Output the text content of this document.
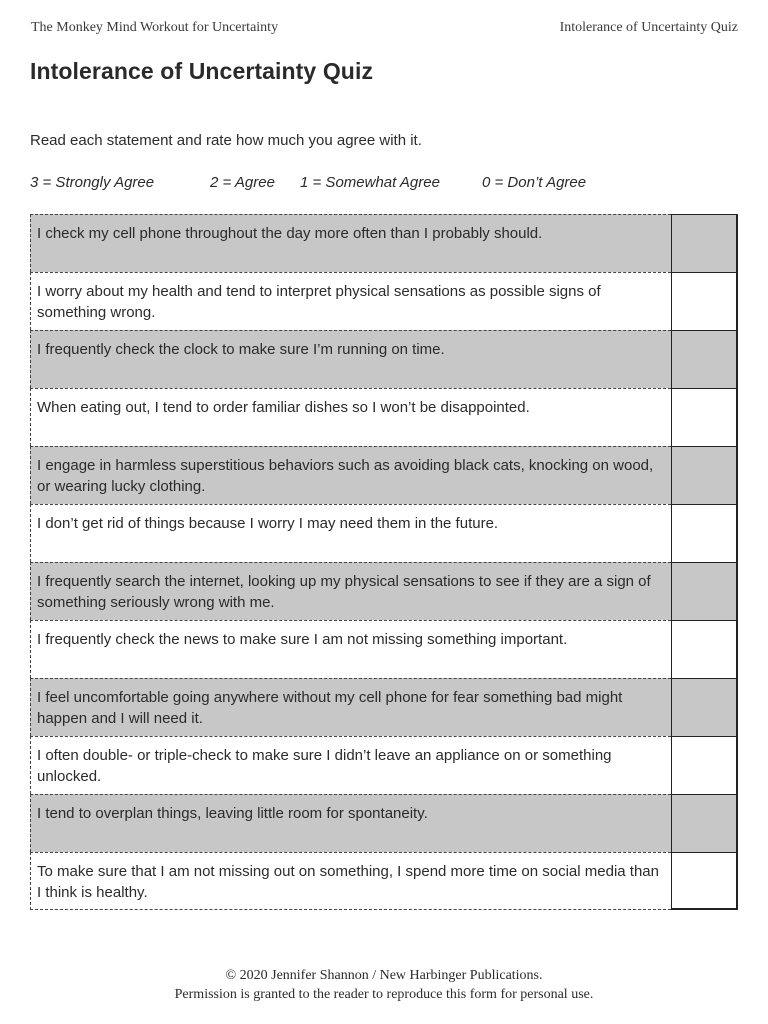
The Monkey Mind Workout for Uncertainty	Intolerance of Uncertainty Quiz
Intolerance of Uncertainty Quiz
Read each statement and rate how much you agree with it.
3 = Strongly Agree	2 = Agree 1 = Somewhat Agree	0 = Don’t Agree
I check my cell phone throughout the day more often than I probably should.
I worry about my health and tend to interpret physical sensations as possible signs of something wrong.
I frequently check the clock to make sure I’m running on time.
When eating out, I tend to order familiar dishes so I won’t be disappointed.
I engage in harmless superstitious behaviors such as avoiding black cats, knocking on wood, or wearing lucky clothing.
I don’t get rid of things because I worry I may need them in the future.
I frequently search the internet, looking up my physical sensations to see if they are a sign of something seriously wrong with me.
I frequently check the news to make sure I am not missing something important.
I feel uncomfortable going anywhere without my cell phone for fear something bad might happen and I will need it.
I often double- or triple-check to make sure I didn’t leave an appliance on or something unlocked.
I tend to overplan things, leaving little room for spontaneity.
To make sure that I am not missing out on something, I spend more time on social media than I think is healthy.
© 2020 Jennifer Shannon / New Harbinger Publications.
Permission is granted to the reader to reproduce this form for personal use.
